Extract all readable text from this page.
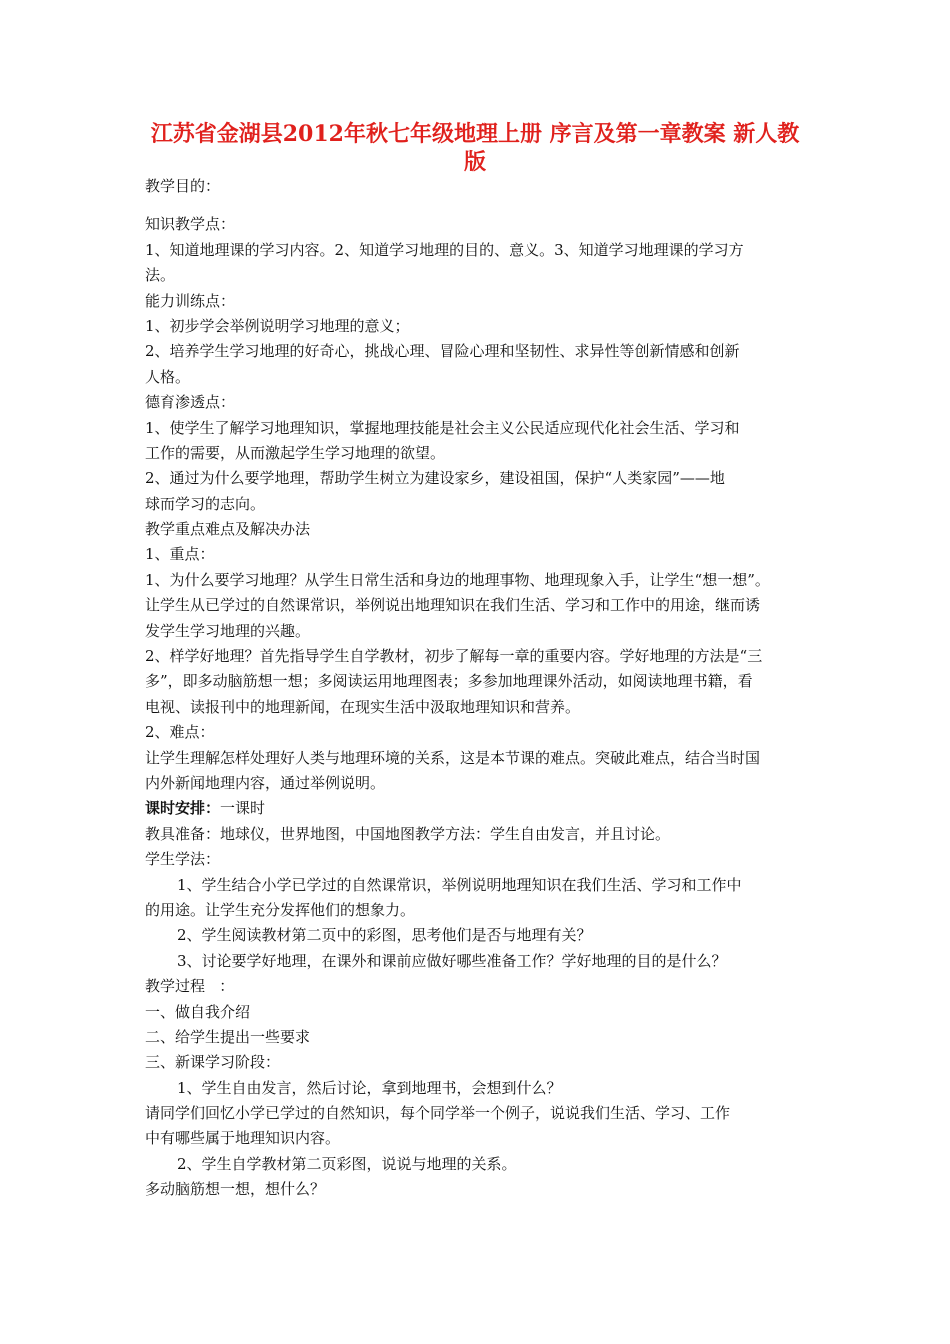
江苏省金湖县2012年秋七年级地理上册 序言及第一章教案 新人教
版
教学目的：
知识教学点：
1、知道地理课的学习内容。2、知道学习地理的目的、意义。3、知道学习地理课的学习方
法。
能力训练点：
1、初步学会举例说明学习地理的意义；
2、培养学生学习地理的好奇心，挑战心理、冒险心理和坚韧性、求异性等创新情感和创新
人格。
德育渗透点：
1、使学生了解学习地理知识，掌握地理技能是社会主义公民适应现代化社会生活、学习和
工作的需要，从而激起学生学习地理的欲望。
2、通过为什么要学地理，帮助学生树立为建设家乡，建设祖国，保护“人类家园”——地
球而学习的志向。
教学重点难点及解决办法
1、重点：
1、为什么要学习地理？从学生日常生活和身边的地理事物、地理现象入手，让学生“想一想”。
让学生从已学过的自然课常识，举例说出地理知识在我们生活、学习和工作中的用途，继而诱
发学生学习地理的兴趣。
2、样学好地理？首先指导学生自学教材，初步了解每一章的重要内容。学好地理的方法是“三
多”，即多动脑筋想一想；多阅读运用地理图表；多参加地理课外活动，如阅读地理书籍，看
电视、读报刊中的地理新闻，在现实生活中汲取地理知识和营养。
2、难点：
让学生理解怎样处理好人类与地理环境的关系，这是本节课的难点。突破此难点，结合当时国
内外新闻地理内容，通过举例说明。
课时安排：一课时
教具准备：地球仪，世界地图，中国地图教学方法：学生自由发言，并且讨论。
学生学法：
1、学生结合小学已学过的自然课常识，举例说明地理知识在我们生活、学习和工作中
的用途。让学生充分发挥他们的想象力。
2、学生阅读教材第二页中的彩图，思考他们是否与地理有关？
3、讨论要学好地理，在课外和课前应做好哪些准备工作？学好地理的目的是什么？
教学过程   ：
一、做自我介绍
二、给学生提出一些要求
三、新课学习阶段：
1、学生自由发言，然后讨论，拿到地理书，会想到什么？
请同学们回忆小学已学过的自然知识，每个同学举一个例子，说说我们生活、学习、工作
中有哪些属于地理知识内容。
2、学生自学教材第二页彩图，说说与地理的关系。
多动脑筋想一想，想什么？
